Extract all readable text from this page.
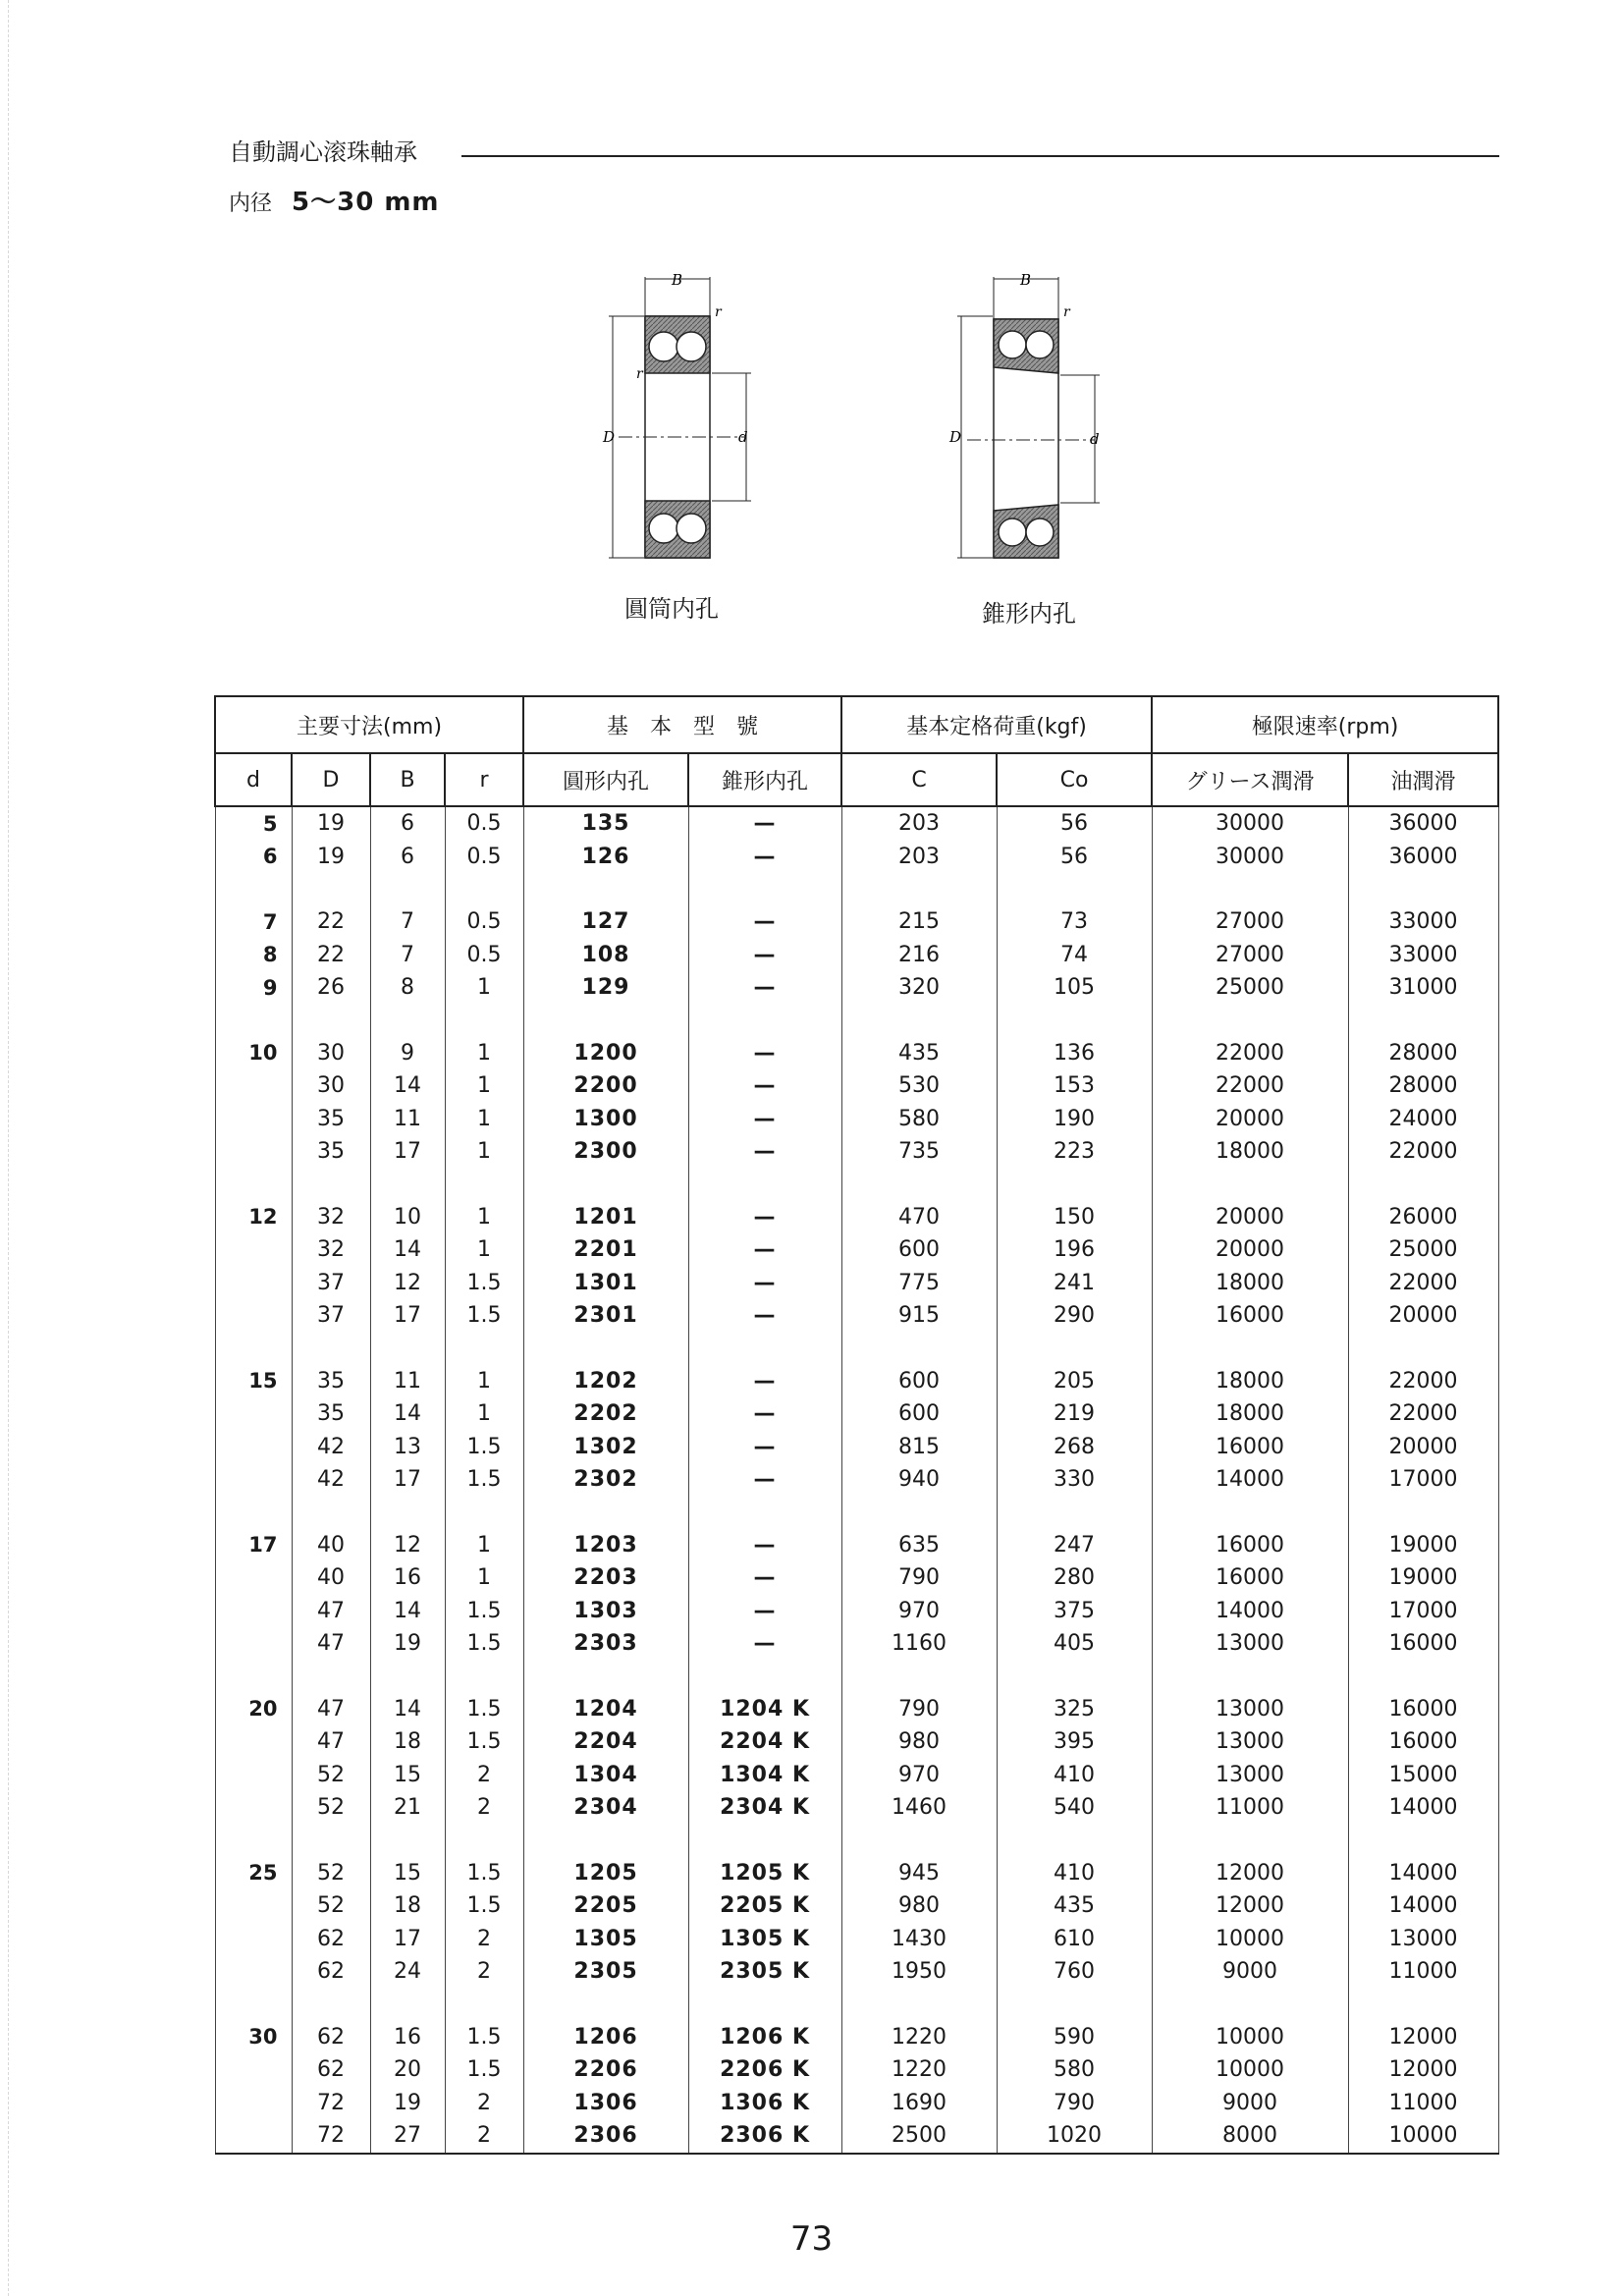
自動調心滚珠軸承
内径 5～30 mm
B
r
r
D	d
圓筒内孔
B
r
D	d
錐形内孔
主要寸法(mm)				基　本　型　號		基本定格荷重(kgf)		極限速率(rpm)	
d	D	B	r	圓形内孔	錐形内孔	C	Co	グリース潤滑	油潤滑
5	19	6	0.5	135	—	203	56	30000	36000
6	19	6	0.5	126	—	203	56	30000	36000

7	22	7	0.5	127	—	215	73	27000	33000
8	22	7	0.5	108	—	216	74	27000	33000
9	26	8	1	129	—	320	105	25000	31000

10	30	9	1	1200	—	435	136	22000	28000
	30	14	1	2200	—	530	153	22000	28000
	35	11	1	1300	—	580	190	20000	24000
	35	17	1	2300	—	735	223	18000	22000

12	32	10	1	1201	—	470	150	20000	26000
	32	14	1	2201	—	600	196	20000	25000
	37	12	1.5	1301	—	775	241	18000	22000
	37	17	1.5	2301	—	915	290	16000	20000

15	35	11	1	1202	—	600	205	18000	22000
	35	14	1	2202	—	600	219	18000	22000
	42	13	1.5	1302	—	815	268	16000	20000
	42	17	1.5	2302	—	940	330	14000	17000

17	40	12	1	1203	—	635	247	16000	19000
	40	16	1	2203	—	790	280	16000	19000
	47	14	1.5	1303	—	970	375	14000	17000
	47	19	1.5	2303	—	1160	405	13000	16000

20	47	14	1.5	1204	1204 K	790	325	13000	16000
	47	18	1.5	2204	2204 K	980	395	13000	16000
	52	15	2	1304	1304 K	970	410	13000	15000
	52	21	2	2304	2304 K	1460	540	11000	14000

25	52	15	1.5	1205	1205 K	945	410	12000	14000
	52	18	1.5	2205	2205 K	980	435	12000	14000
	62	17	2	1305	1305 K	1430	610	10000	13000
	62	24	2	2305	2305 K	1950	760	9000	11000

30	62	16	1.5	1206	1206 K	1220	590	10000	12000
	62	20	1.5	2206	2206 K	1220	580	10000	12000
	72	19	2	1306	1306 K	1690	790	9000	11000
	72	27	2	2306	2306 K	2500	1020	8000	10000
73
